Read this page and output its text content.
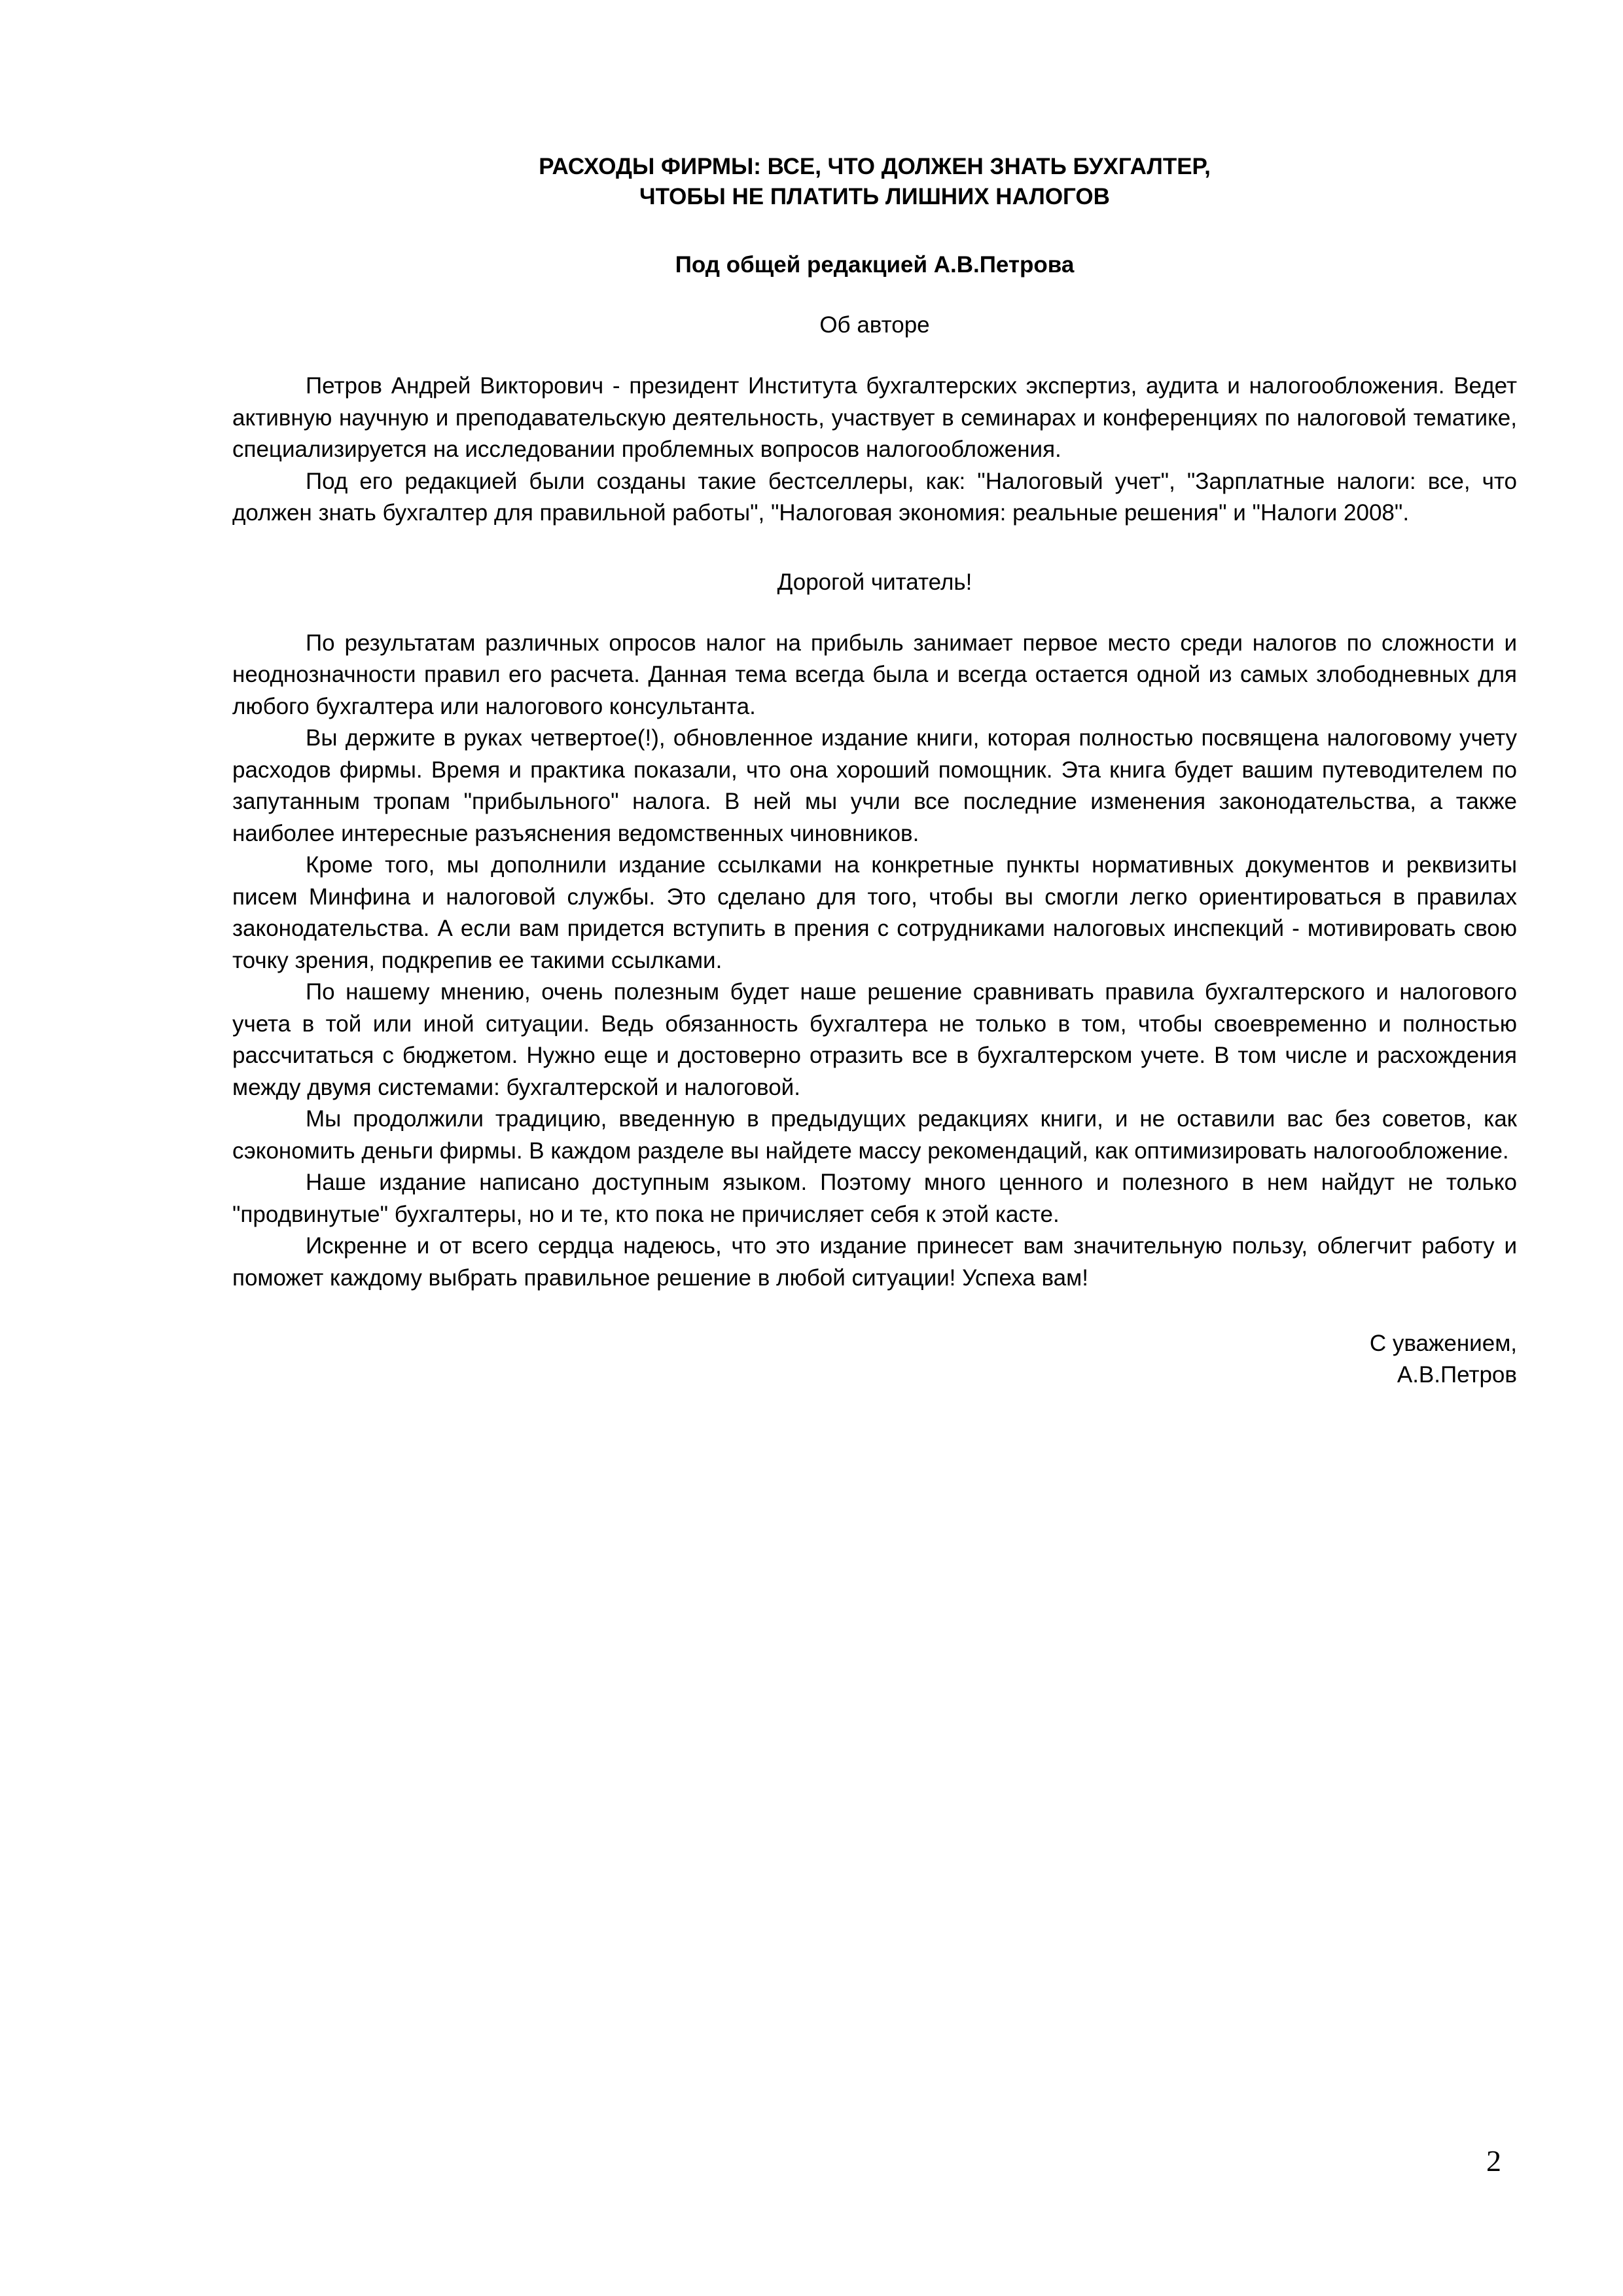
РАСХОДЫ ФИРМЫ: ВСЕ, ЧТО ДОЛЖЕН ЗНАТЬ БУХГАЛТЕР,
ЧТОБЫ НЕ ПЛАТИТЬ ЛИШНИХ НАЛОГОВ
Под общей редакцией А.В.Петрова
Об авторе

Петров Андрей Викторович - президент Института бухгалтерских экспертиз, аудита и налогообложения. Ведет активную научную и преподавательскую деятельность, участвует в семинарах и конференциях по налоговой тематике, специализируется на исследовании проблемных вопросов налогообложения.

Под его редакцией были созданы такие бестселлеры, как: "Налоговый учет", "Зарплатные налоги: все, что должен знать бухгалтер для правильной работы", "Налоговая экономия: реальные решения" и "Налоги 2008".

Дорогой читатель!

По результатам различных опросов налог на прибыль занимает первое место среди налогов по сложности и неоднозначности правил его расчета. Данная тема всегда была и всегда остается одной из самых злободневных для любого бухгалтера или налогового консультанта.

Вы держите в руках четвертое(!), обновленное издание книги, которая полностью посвящена налоговому учету расходов фирмы. Время и практика показали, что она хороший помощник. Эта книга будет вашим путеводителем по запутанным тропам "прибыльного" налога. В ней мы учли все последние изменения законодательства, а также наиболее интересные разъяснения ведомственных чиновников.

Кроме того, мы дополнили издание ссылками на конкретные пункты нормативных документов и реквизиты писем Минфина и налоговой службы. Это сделано для того, чтобы вы смогли легко ориентироваться в правилах законодательства. А если вам придется вступить в прения с сотрудниками налоговых инспекций - мотивировать свою точку зрения, подкрепив ее такими ссылками.

По нашему мнению, очень полезным будет наше решение сравнивать правила бухгалтерского и налогового учета в той или иной ситуации. Ведь обязанность бухгалтера не только в том, чтобы своевременно и полностью рассчитаться с бюджетом. Нужно еще и достоверно отразить все в бухгалтерском учете. В том числе и расхождения между двумя системами: бухгалтерской и налоговой.

Мы продолжили традицию, введенную в предыдущих редакциях книги, и не оставили вас без советов, как сэкономить деньги фирмы. В каждом разделе вы найдете массу рекомендаций, как оптимизировать налогообложение.

Наше издание написано доступным языком. Поэтому много ценного и полезного в нем найдут не только "продвинутые" бухгалтеры, но и те, кто пока не причисляет себя к этой касте.

Искренне и от всего сердца надеюсь, что это издание принесет вам значительную пользу, облегчит работу и поможет каждому выбрать правильное решение в любой ситуации! Успеха вам!

С уважением,
А.В.Петров
2
